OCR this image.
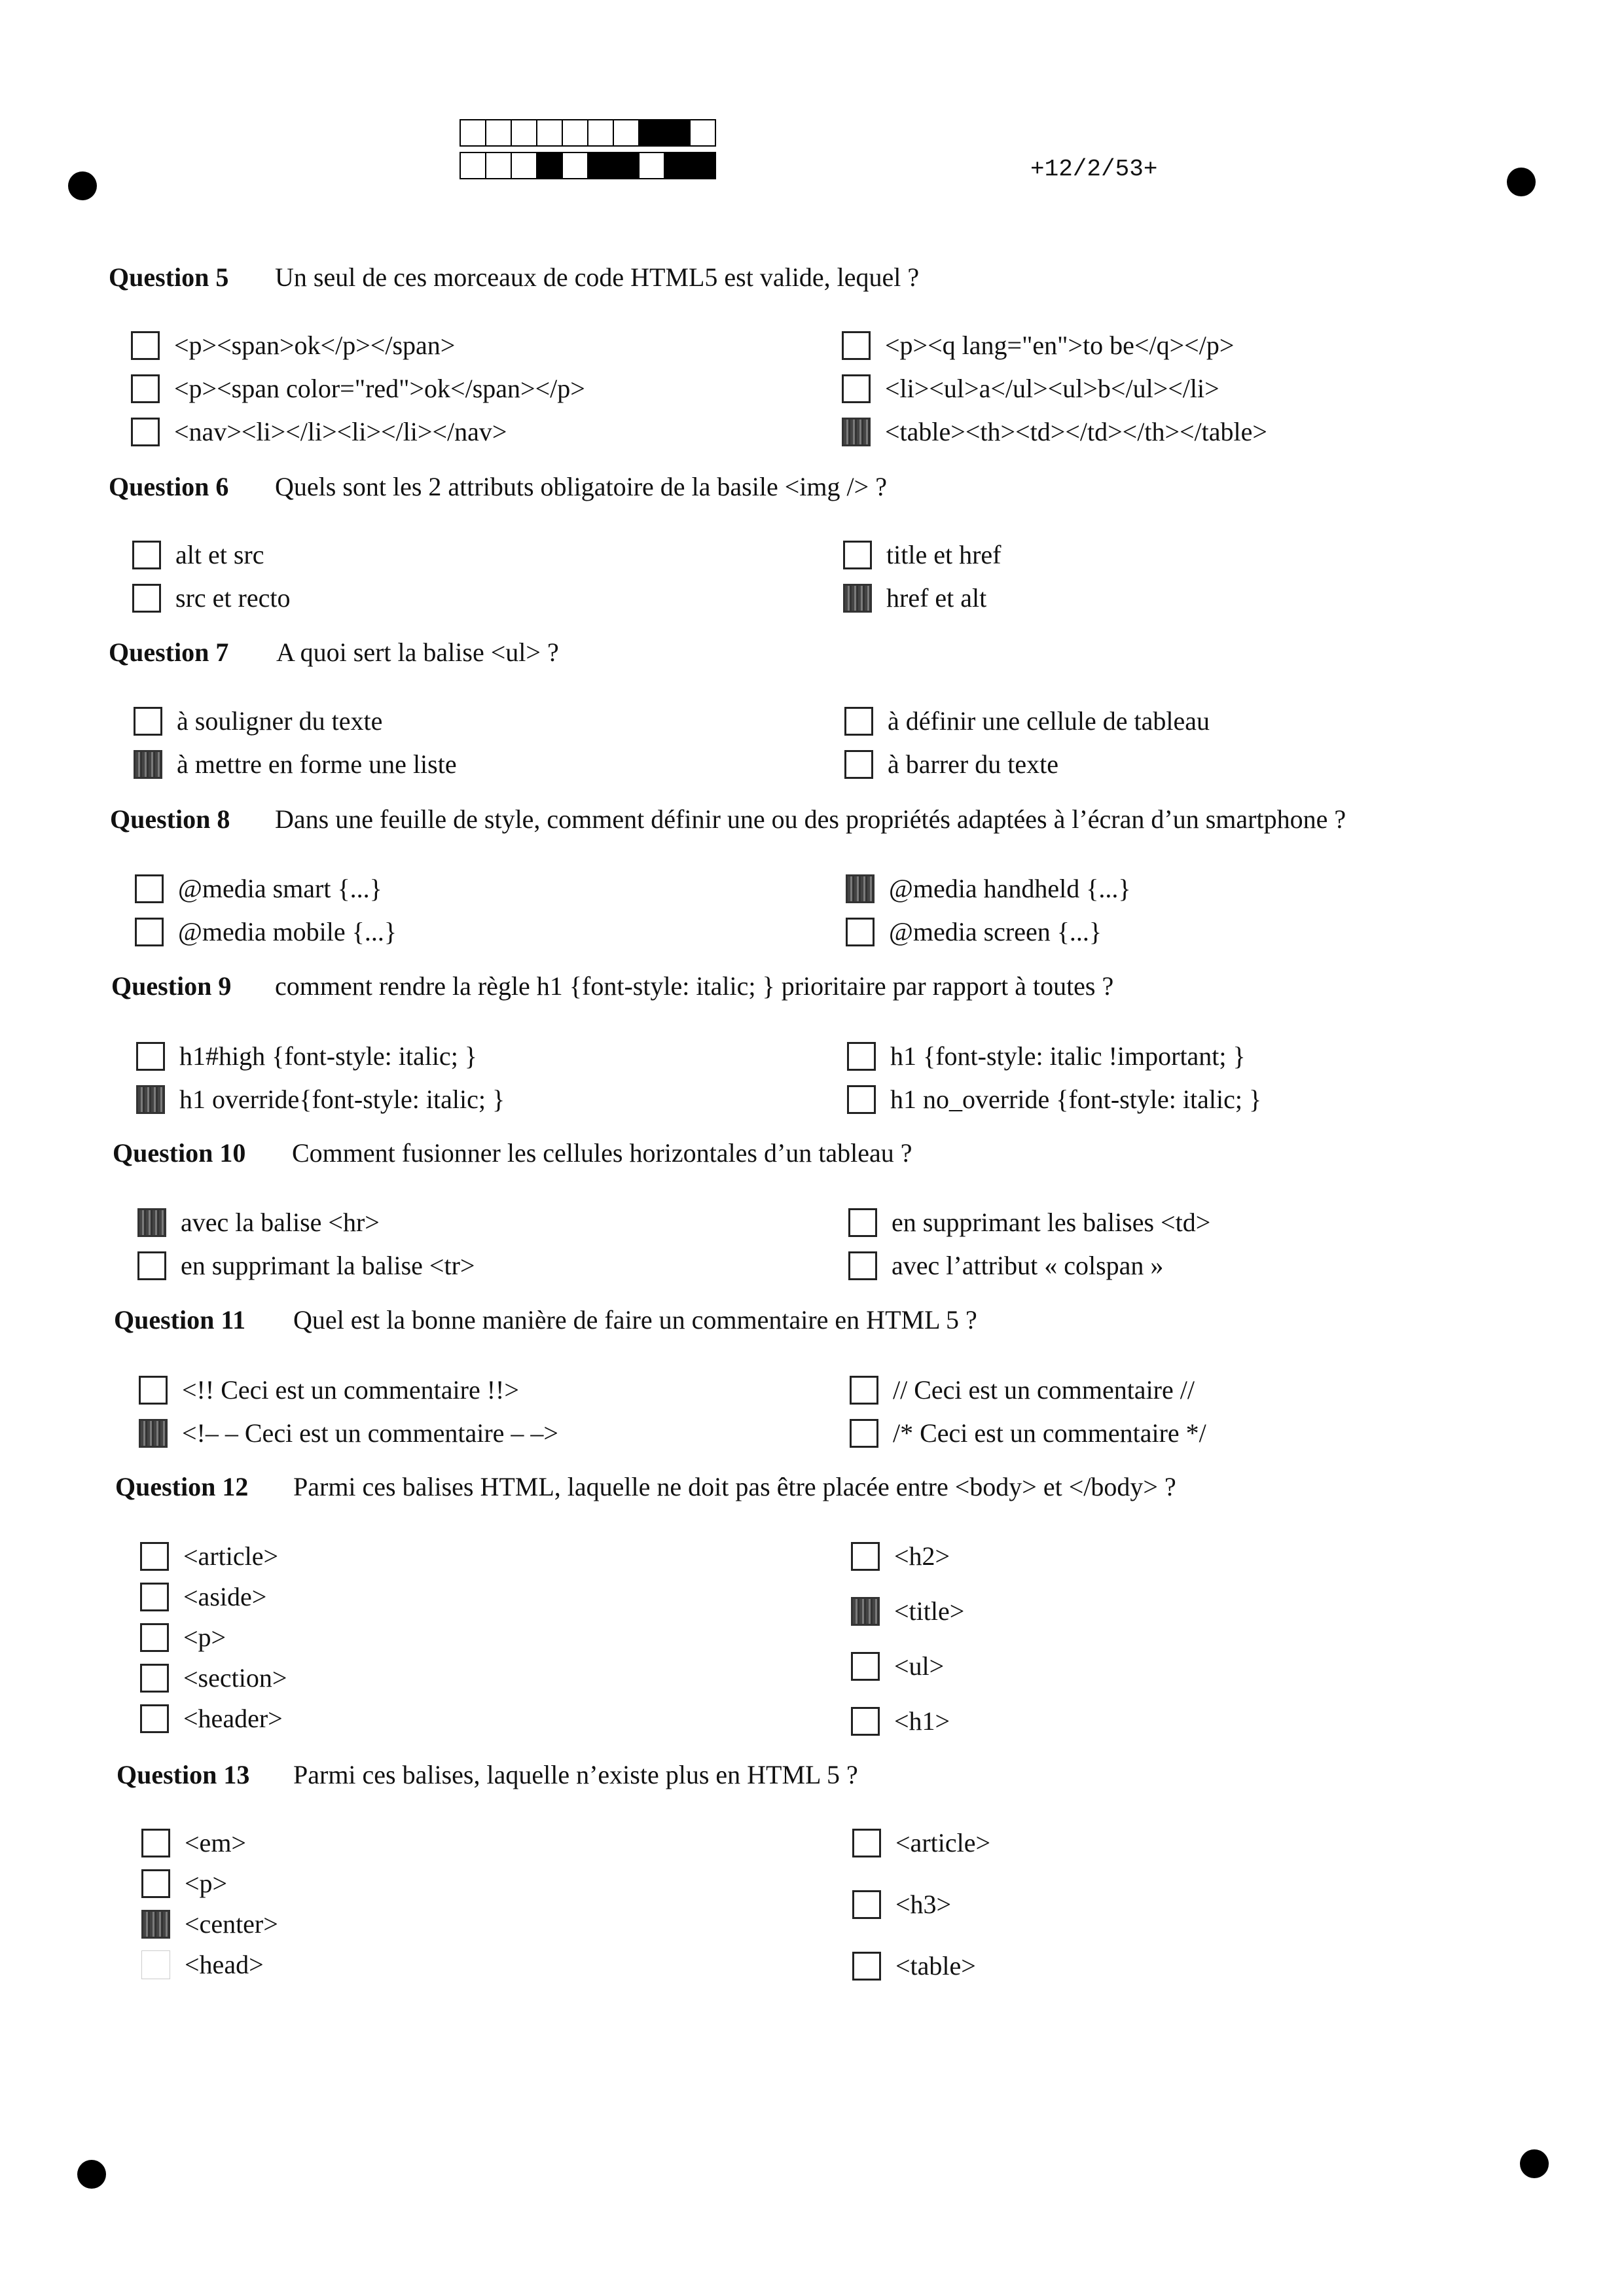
+12/2/53+
Question 5 Un seul de ces morceaux de code HTML5 est valide, lequel ?
<p><span>ok</p></span>
<p><span color="red">ok</span></p>
<nav><li></li><li></li></nav>
<p><q lang="en">to be</q></p>
<li><ul>a</ul><ul>b</ul></li>
<table><th><td></td></th></table>
Question 6 Quels sont les 2 attributs obligatoire de la basile <img /> ?
alt et src
src et recto
title et href
href et alt
Question 7 A quoi sert la balise <ul> ?
à souligner du texte
à mettre en forme une liste
à définir une cellule de tableau
à barrer du texte
Question 8 Dans une feuille de style, comment définir une ou des propriétés adaptées à l’écran d’un smartphone ?
@media smart {...}
@media mobile {...}
@media handheld {...}
@media screen {...}
Question 9 comment rendre la règle h1 {font-style: italic; } prioritaire par rapport à toutes ?
h1#high {font-style: italic; }
h1 override{font-style: italic; }
h1 {font-style: italic !important; }
h1 no_override {font-style: italic; }
Question 10 Comment fusionner les cellules horizontales d’un tableau ?
avec la balise <hr>
en supprimant la balise <tr>
en supprimant les balises <td>
avec l’attribut « colspan »
Question 11 Quel est la bonne manière de faire un commentaire en HTML 5 ?
<!! Ceci est un commentaire !!>
<!– – Ceci est un commentaire – –>
// Ceci est un commentaire //
/* Ceci est un commentaire */
Question 12 Parmi ces balises HTML, laquelle ne doit pas être placée entre <body> et </body> ?
<article>
<aside>
<p>
<section>
<header>
<h2>
<title>
<ul>
<h1>
Question 13 Parmi ces balises, laquelle n’existe plus en HTML 5 ?
<em>
<p>
<center>
<head>
<article>
<h3>
<table>
